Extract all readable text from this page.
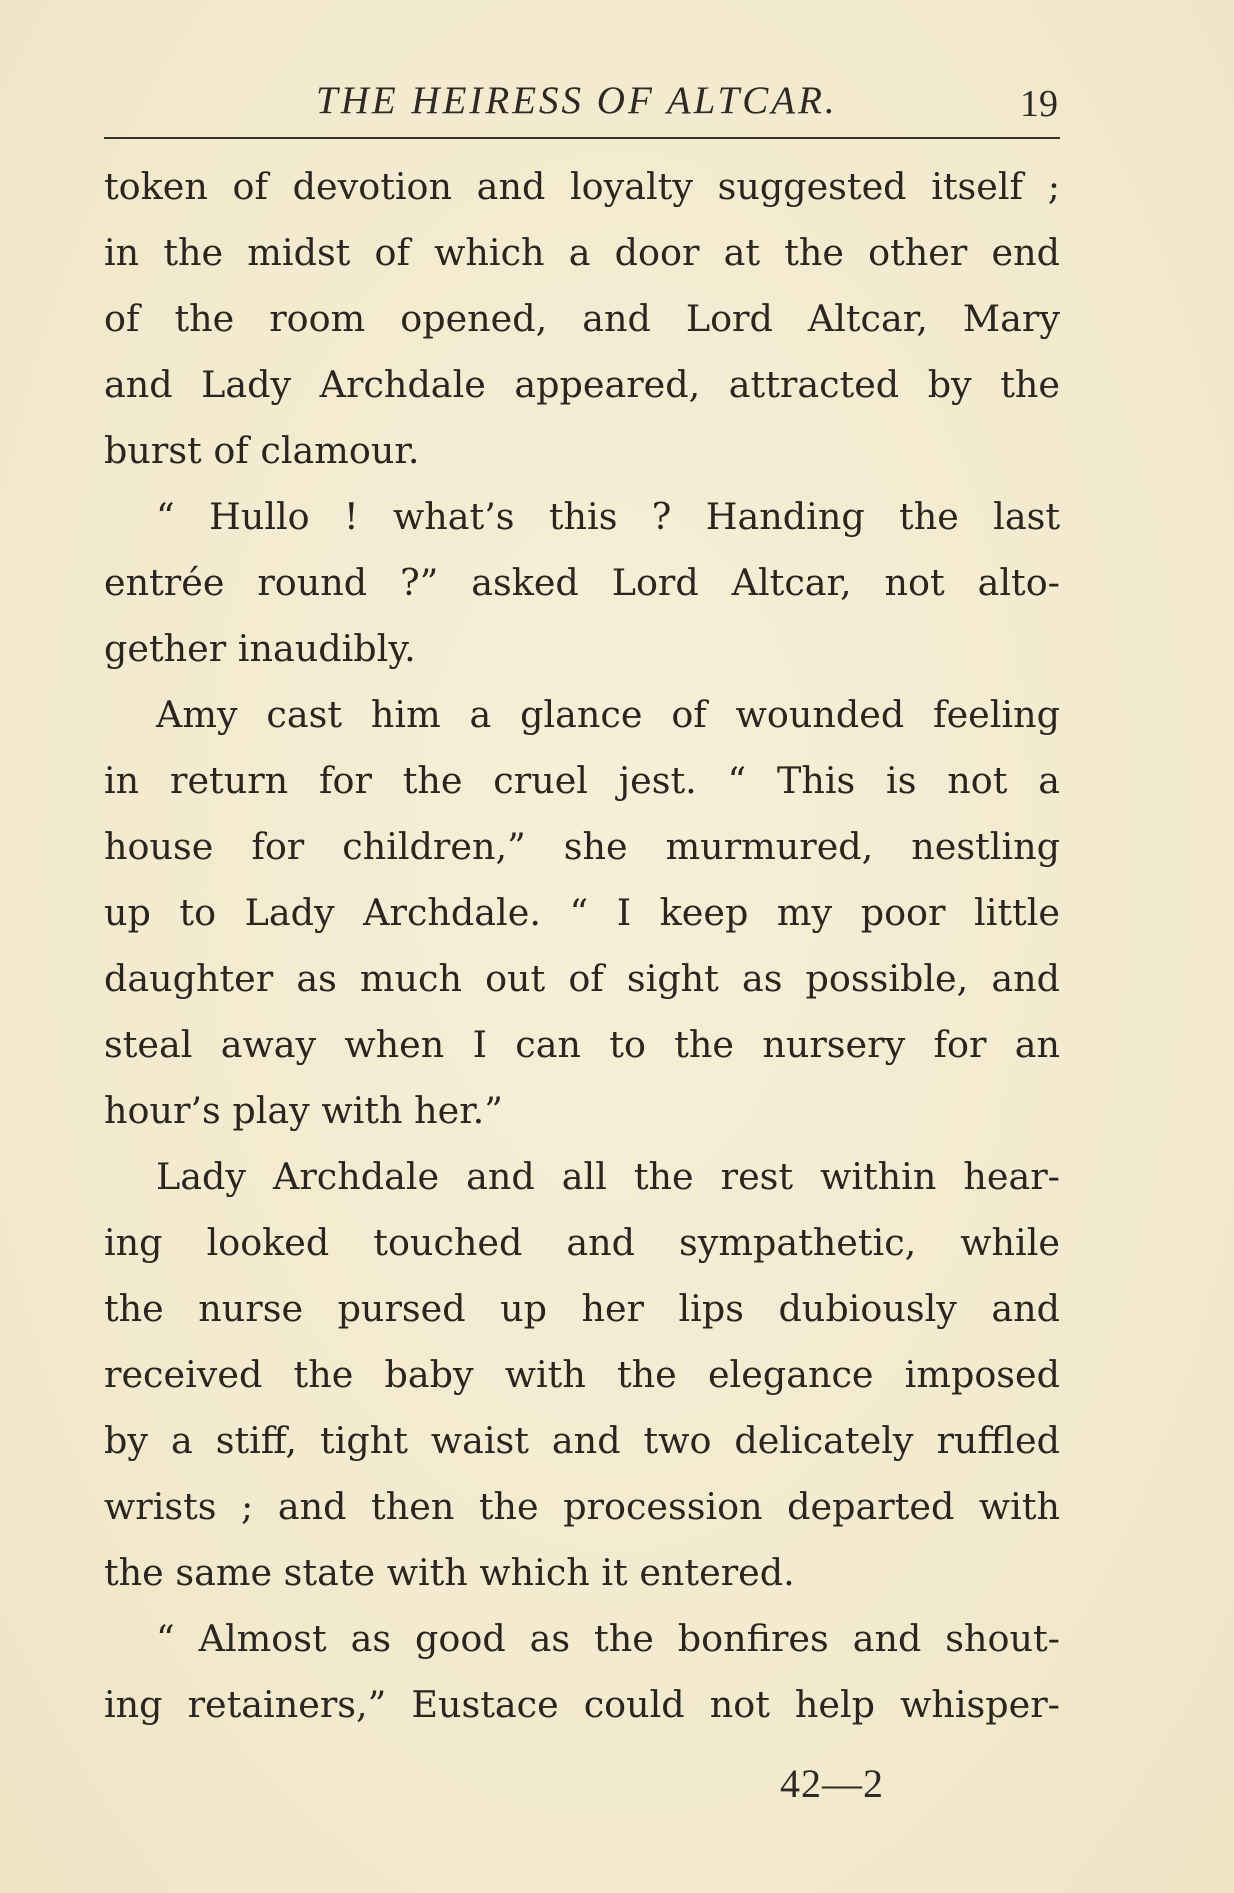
THE HEIRESS OF ALTCAR.	19
token of devotion and loyalty suggested itself ;
in the midst of which a door at the other end
of the room opened, and Lord Altcar, Mary
and Lady Archdale appeared, attracted by the
burst of clamour.
“ Hullo ! what’s this ? Handing the last
entrée round ?” asked Lord Altcar, not alto-
gether inaudibly.
Amy cast him a glance of wounded feeling
in return for the cruel jest. “ This is not a
house for children,” she murmured, nestling
up to Lady Archdale. “ I keep my poor little
daughter as much out of sight as possible, and
steal away when I can to the nursery for an
hour’s play with her.”
Lady Archdale and all the rest within hear-
ing looked touched and sympathetic, while
the nurse pursed up her lips dubiously and
received the baby with the elegance imposed
by a stiff, tight waist and two delicately ruffled
wrists ; and then the procession departed with
the same state with which it entered.
“ Almost as good as the bonfires and shout-
ing retainers,” Eustace could not help whisper-
42—2
